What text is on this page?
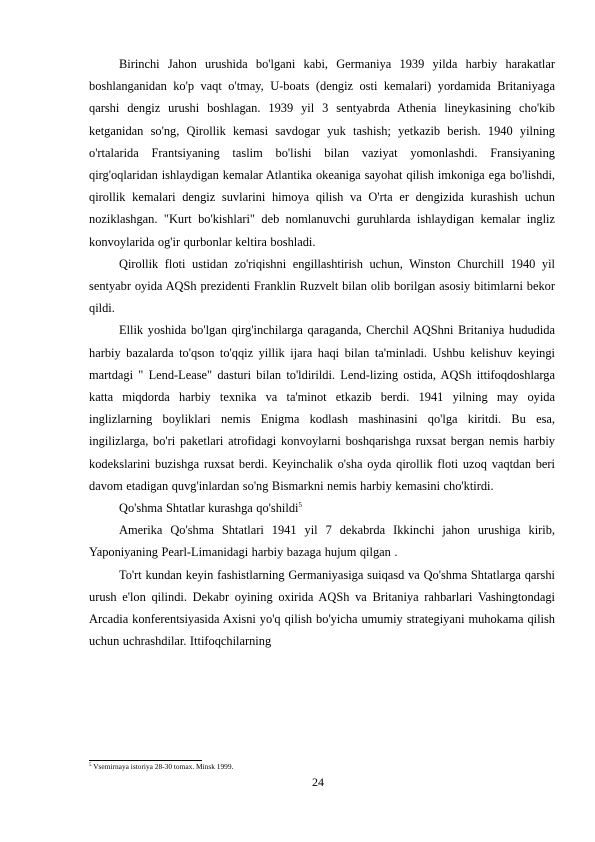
Birinchi Jahon urushida bo'lgani kabi, Germaniya 1939 yilda harbiy harakatlar boshlanganidan ko'p vaqt o'tmay, U-boats (dengiz osti kemalari) yordamida Britaniyaga qarshi dengiz urushi boshlagan. 1939 yil 3 sentyabrda Athenia lineykasining cho'kib ketganidan so'ng, Qirollik kemasi savdogar yuk tashish; yetkazib berish. 1940 yilning o'rtalarida Frantsiyaning taslim bo'lishi bilan vaziyat yomonlashdi. Fransiyaning qirg'oqlaridan ishlaydigan kemalar Atlantika okeaniga sayohat qilish imkoniga ega bo'lishdi, qirollik kemalari dengiz suvlarini himoya qilish va O'rta er dengizida kurashish uchun noziklashgan. "Kurt bo'kishlari" deb nomlanuvchi guruhlarda ishlaydigan kemalar ingliz konvoylarida og'ir qurbonlar keltira boshladi.

Qirollik floti ustidan zo'riqishni engillashtirish uchun, Winston Churchill 1940 yil sentyabr oyida AQSh prezidenti Franklin Ruzvelt bilan olib borilgan asosiy bitimlarni bekor qildi.

Ellik yoshida bo'lgan qirg'inchilarga qaraganda, Cherchil AQShni Britaniya hududida harbiy bazalarda to'qson to'qqiz yillik ijara haqi bilan ta'minladi. Ushbu kelishuv keyingi martdagi " Lend-Lease" dasturi bilan to'ldirildi. Lend-lizing ostida, AQSh ittifoqdoshlarga katta miqdorda harbiy texnika va ta'minot etkazib berdi. 1941 yilning may oyida inglizlarning boyliklari nemis Enigma kodlash mashinasini qo'lga kiritdi. Bu esa, ingilizlarga, bo'ri paketlari atrofidagi konvoylarni boshqarishga ruxsat bergan nemis harbiy kodekslarini buzishga ruxsat berdi. Keyinchalik o'sha oyda qirollik floti uzoq vaqtdan beri davom etadigan quvg'inlardan so'ng Bismarkni nemis harbiy kemasini cho'ktirdi.

Qo'shma Shtatlar kurashga qo'shildi$^5$

Amerika Qo'shma Shtatlari 1941 yil 7 dekabrda Ikkinchi jahon urushiga kirib, Yaponiyaning Pearl-Limanidagi harbiy bazaga hujum qilgan .

To'rt kundan keyin fashistlarning Germaniyasiga suiqasd va Qo'shma Shtatlarga qarshi urush e'lon qilindi. Dekabr oyining oxirida AQSh va Britaniya rahbarlari Vashingtondagi Arcadia konferentsiyasida Axisni yo'q qilish bo'yicha umumiy strategiyani muhokama qilish uchun uchrashdilar. Ittifoqchilarning

$^5$ Vsemirnaya istoriya 28-30 tomax. Minsk 1999.
24
